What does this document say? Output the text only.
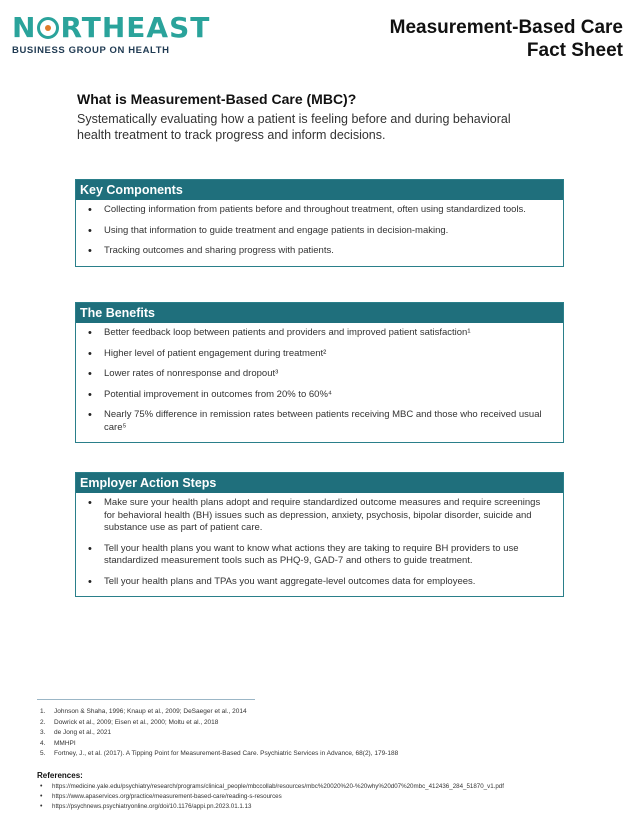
N RTHEAST
BUSINESS GROUP ON HEALTH
Measurement-Based Care
Fact Sheet
What is Measurement-Based Care (MBC)?
Systematically evaluating how a patient is feeling before and during behavioral health treatment to track progress and inform decisions.
Key Components
• Collecting information from patients before and throughout treatment, often using standardized tools.
• Using that information to guide treatment and engage patients in decision-making.
• Tracking outcomes and sharing progress with patients.
The Benefits
• Better feedback loop between patients and providers and improved patient satisfaction¹
• Higher level of patient engagement during treatment²
• Lower rates of nonresponse and dropout³
• Potential improvement in outcomes from 20% to 60%⁴
• Nearly 75% difference in remission rates between patients receiving MBC and those who received usual care⁵
Employer Action Steps
• Make sure your health plans adopt and require standardized outcome measures and require screenings for behavioral health (BH) issues such as depression, anxiety, psychosis, bipolar disorder, suicide and substance use as part of patient care.
• Tell your health plans you want to know what actions they are taking to require BH providers to use standardized measurement tools such as PHQ-9, GAD-7 and others to guide treatment.
• Tell your health plans and TPAs you want aggregate-level outcomes data for employees.
1. Johnson & Shaha, 1996; Knaup et al., 2009; DeSaeger et al., 2014
2. Dowrick et al., 2009; Eisen et al., 2000; Moltu et al., 2018
3. de Jong et al., 2021
4. MMHPI
5. Fortney, J., et al. (2017). A Tipping Point for Measurement-Based Care. Psychiatric Services in Advance, 68(2), 179-188
References:
• https://medicine.yale.edu/psychiatry/research/programs/clinical_people/mbccollab/resources/mbc%20020%20-%20why%20d07%20mbc_412436_284_51870_v1.pdf
• https://www.apaservices.org/practice/measurement-based-care/reading-s-resources
• https://psychnews.psychiatryonline.org/doi/10.1176/appi.pn.2023.01.1.13
